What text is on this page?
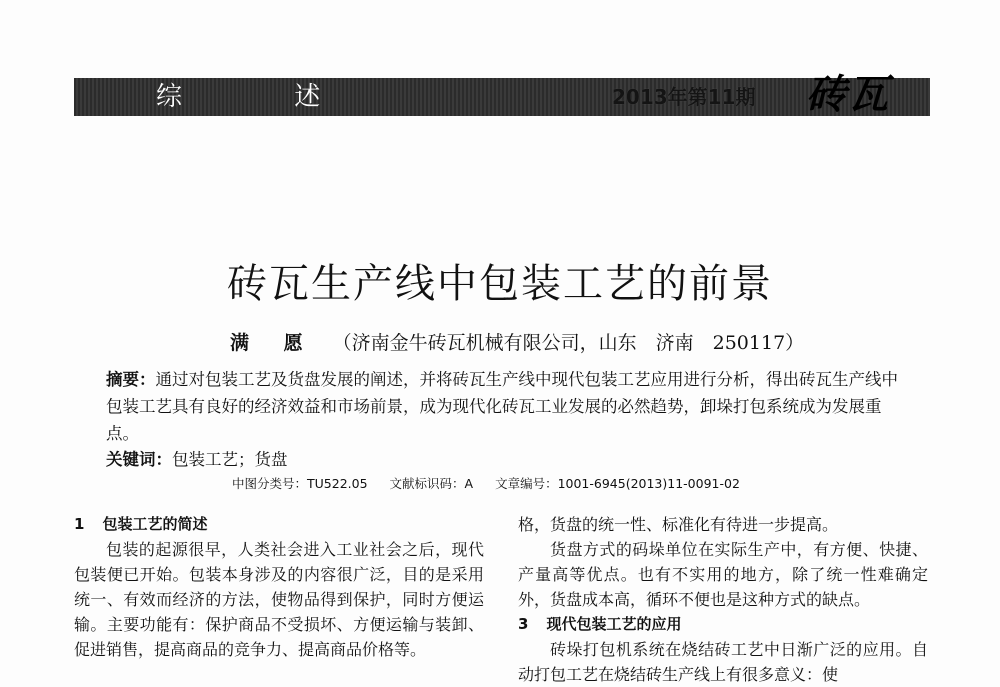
综 述	2013年第11期 砖瓦
砖瓦生产线中包装工艺的前景
满 愿 （济南金牛砖瓦机械有限公司，山东　济南　250117）
摘要：通过对包装工艺及货盘发展的阐述，并将砖瓦生产线中现代包装工艺应用进行分析，得出砖瓦生产线中包装工艺具有良好的经济效益和市场前景，成为现代化砖瓦工业发展的必然趋势，卸垛打包系统成为发展重点。
关键词：包装工艺；货盘
中图分类号：TU522.05 文献标识码：A 文章编号：1001-6945(2013)11-0091-02
1 包装工艺的简述
包装的起源很早，人类社会进入工业社会之后，现代包装便已开始。包装本身涉及的内容很广泛，目的是采用统一、有效而经济的方法，使物品得到保护，同时方便运输。主要功能有：保护商品不受损坏、方便运输与装卸、促进销售，提高商品的竞争力、提高商品价格等。
格，货盘的统一性、标准化有待进一步提高。
货盘方式的码垛单位在实际生产中，有方便、快捷、产量高等优点。也有不实用的地方，除了统一性难确定外，货盘成本高，循环不便也是这种方式的缺点。
3 现代包装工艺的应用
砖垛打包机系统在烧结砖工艺中日渐广泛的应用。自动打包工艺在烧结砖生产线上有很多意义：使
